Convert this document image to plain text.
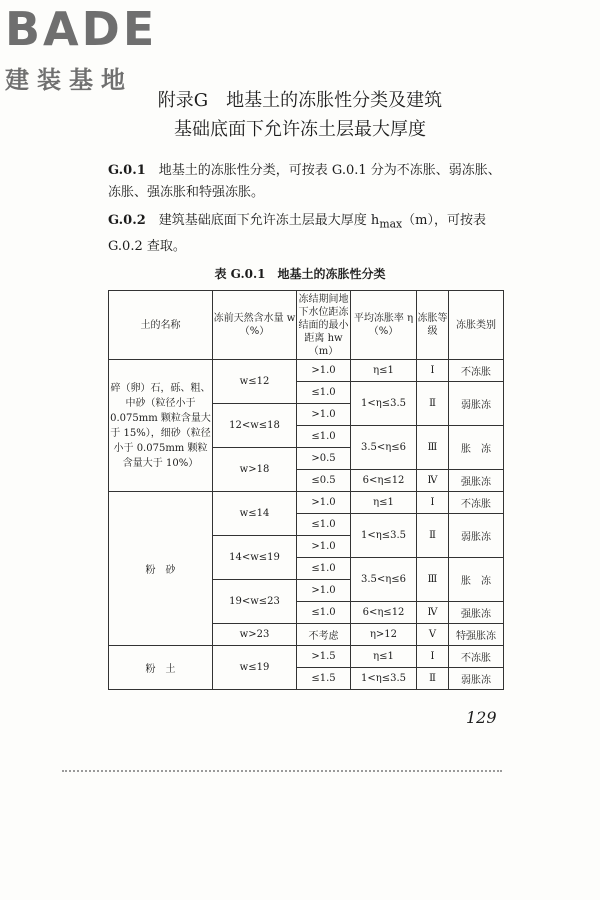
BADE
建装基地
附录G　地基土的冻胀性分类及建筑
基础底面下允许冻土层最大厚度
G.0.1　 地基土的冻胀性分类，可按表 G.0.1 分为不冻胀、弱冻胀、冻胀、强冻胀和特强冻胀。
G.0.2　 建筑基础底面下允许冻土层最大厚度 $h_{max}(m)$，可按表 G.0.2 查取。
表 G.0.1　地基土的冻胀性分类
土的名称	冻前天然含水量 w（%）	冻结期间地下水位距冻结面的最小距离 hw（m）	平均冻胀率 η（%）	冻胀等级	冻胀类别
碎（卵）石，砾、粗、中砂（粒径小于 0.075mm 颗粒含量大于 15%），细砂（粒径小于 0.075mm 颗粒含量大于 10%）	w≤12	>1.0	η≤1	Ⅰ	不冻胀
		≤1.0	1<η≤3.5	Ⅱ	弱胀冻
	12<w≤18	>1.0			
		≤1.0	3.5<η≤6	Ⅲ	胀　冻
	w>18	>0.5			
		≤0.5	6<η≤12	Ⅳ	强胀冻
粉　砂	w≤14	>1.0	η≤1	Ⅰ	不冻胀
		≤1.0	1<η≤3.5	Ⅱ	弱胀冻
	14<w≤19	>1.0			
		≤1.0	3.5<η≤6	Ⅲ	胀　冻
	19<w≤23	>1.0			
		≤1.0	6<η≤12	Ⅳ	强胀冻
	w>23	不考虑	η>12	Ⅴ	特强胀冻
粉　土	w≤19	>1.5	η≤1	Ⅰ	不冻胀
		≤1.5	1<η≤3.5	Ⅱ	弱胀冻
129
